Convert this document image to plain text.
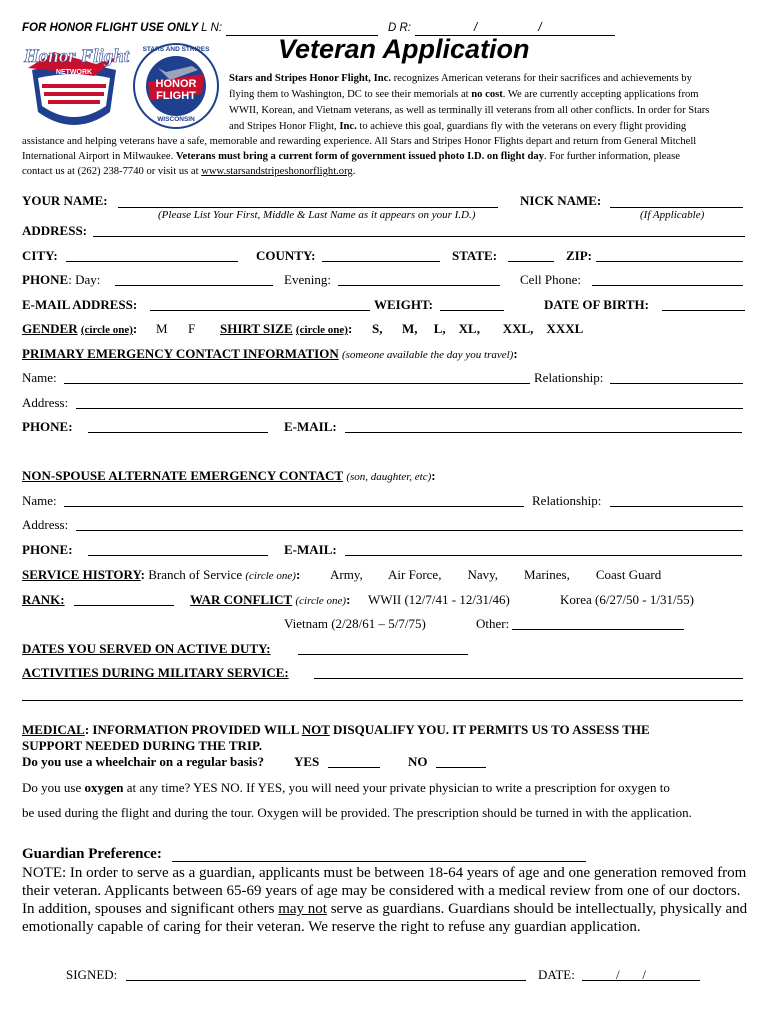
FOR HONOR FLIGHT USE ONLY L N:	D R:	/ /
Honor Flight
NETWORK
STARS AND STRIPES
HONOR
FLIGHT
WISCONSIN
Veteran Application
Stars and Stripes Honor Flight, Inc. recognizes American veterans for their sacrifices and achievements by
flying them to Washington, DC to see their memorials at no cost. We are currently accepting applications from
WWII, Korean, and Vietnam veterans, as well as terminally ill veterans from all other conflicts. In order for Stars
and Stripes Honor Flight, Inc. to achieve this goal, guardians fly with the veterans on every flight providing
assistance and helping veterans have a safe, memorable and rewarding experience. All Stars and Stripes Honor Flights depart and return from General Mitchell
International Airport in Milwaukee. Veterans must bring a current form of government issued photo I.D. on flight day. For further information, please
contact us at (262) 238-7740 or visit us at www.starsandstripeshonorflight.org.
YOUR NAME:	NICK NAME:
(Please List Your First, Middle & Last Name as it appears on your I.D.)	(If Applicable)
ADDRESS:
CITY:	COUNTY:	STATE:	ZIP:
PHONE: Day:	Evening:	Cell Phone:
E-MAIL ADDRESS:	WEIGHT:	DATE OF BIRTH:
GENDER (circle one): M F SHIRT SIZE (circle one): S,      M,     L,    XL,       XXL,    XXXL
PRIMARY EMERGENCY CONTACT INFORMATION (someone available the day you travel):
Name:	Relationship:
Address:
PHONE:	E-MAIL:
NON-SPOUSE ALTERNATE EMERGENCY CONTACT (son, daughter, etc):
Name:	Relationship:
Address:
PHONE:	E-MAIL:
SERVICE HISTORY: Branch of Service (circle one): Army,        Air Force,        Navy,        Marines,        Coast Guard
RANK:	WAR CONFLICT (circle one): WWII (12/7/41 - 12/31/46)	Korea (6/27/50 - 1/31/55)
Vietnam (2/28/61 – 5/7/75)	Other:
DATES YOU SERVED ON ACTIVE DUTY:
ACTIVITIES DURING MILITARY SERVICE:
MEDICAL: INFORMATION PROVIDED WILL NOT DISQUALIFY YOU. IT PERMITS US TO ASSESS THE
SUPPORT NEEDED DURING THE TRIP.
Do you use a wheelchair on a regular basis? YES	NO
Do you use oxygen at any time? YES NO. If YES, you will need your private physician to write a prescription for oxygen to
be used during the flight and during the tour. Oxygen will be provided. The prescription should be turned in with the application.
Guardian Preference:
NOTE: In order to serve as a guardian, applicants must be between 18-64 years of age and one generation removed from their veteran. Applicants between 65-69 years of age may be considered with a medical review from one of our doctors. In addition, spouses and significant others may not serve as guardians. Guardians should be intellectually, physically and emotionally capable of caring for their veteran. We reserve the right to refuse any guardian application.
SIGNED:	DATE:	/       /
